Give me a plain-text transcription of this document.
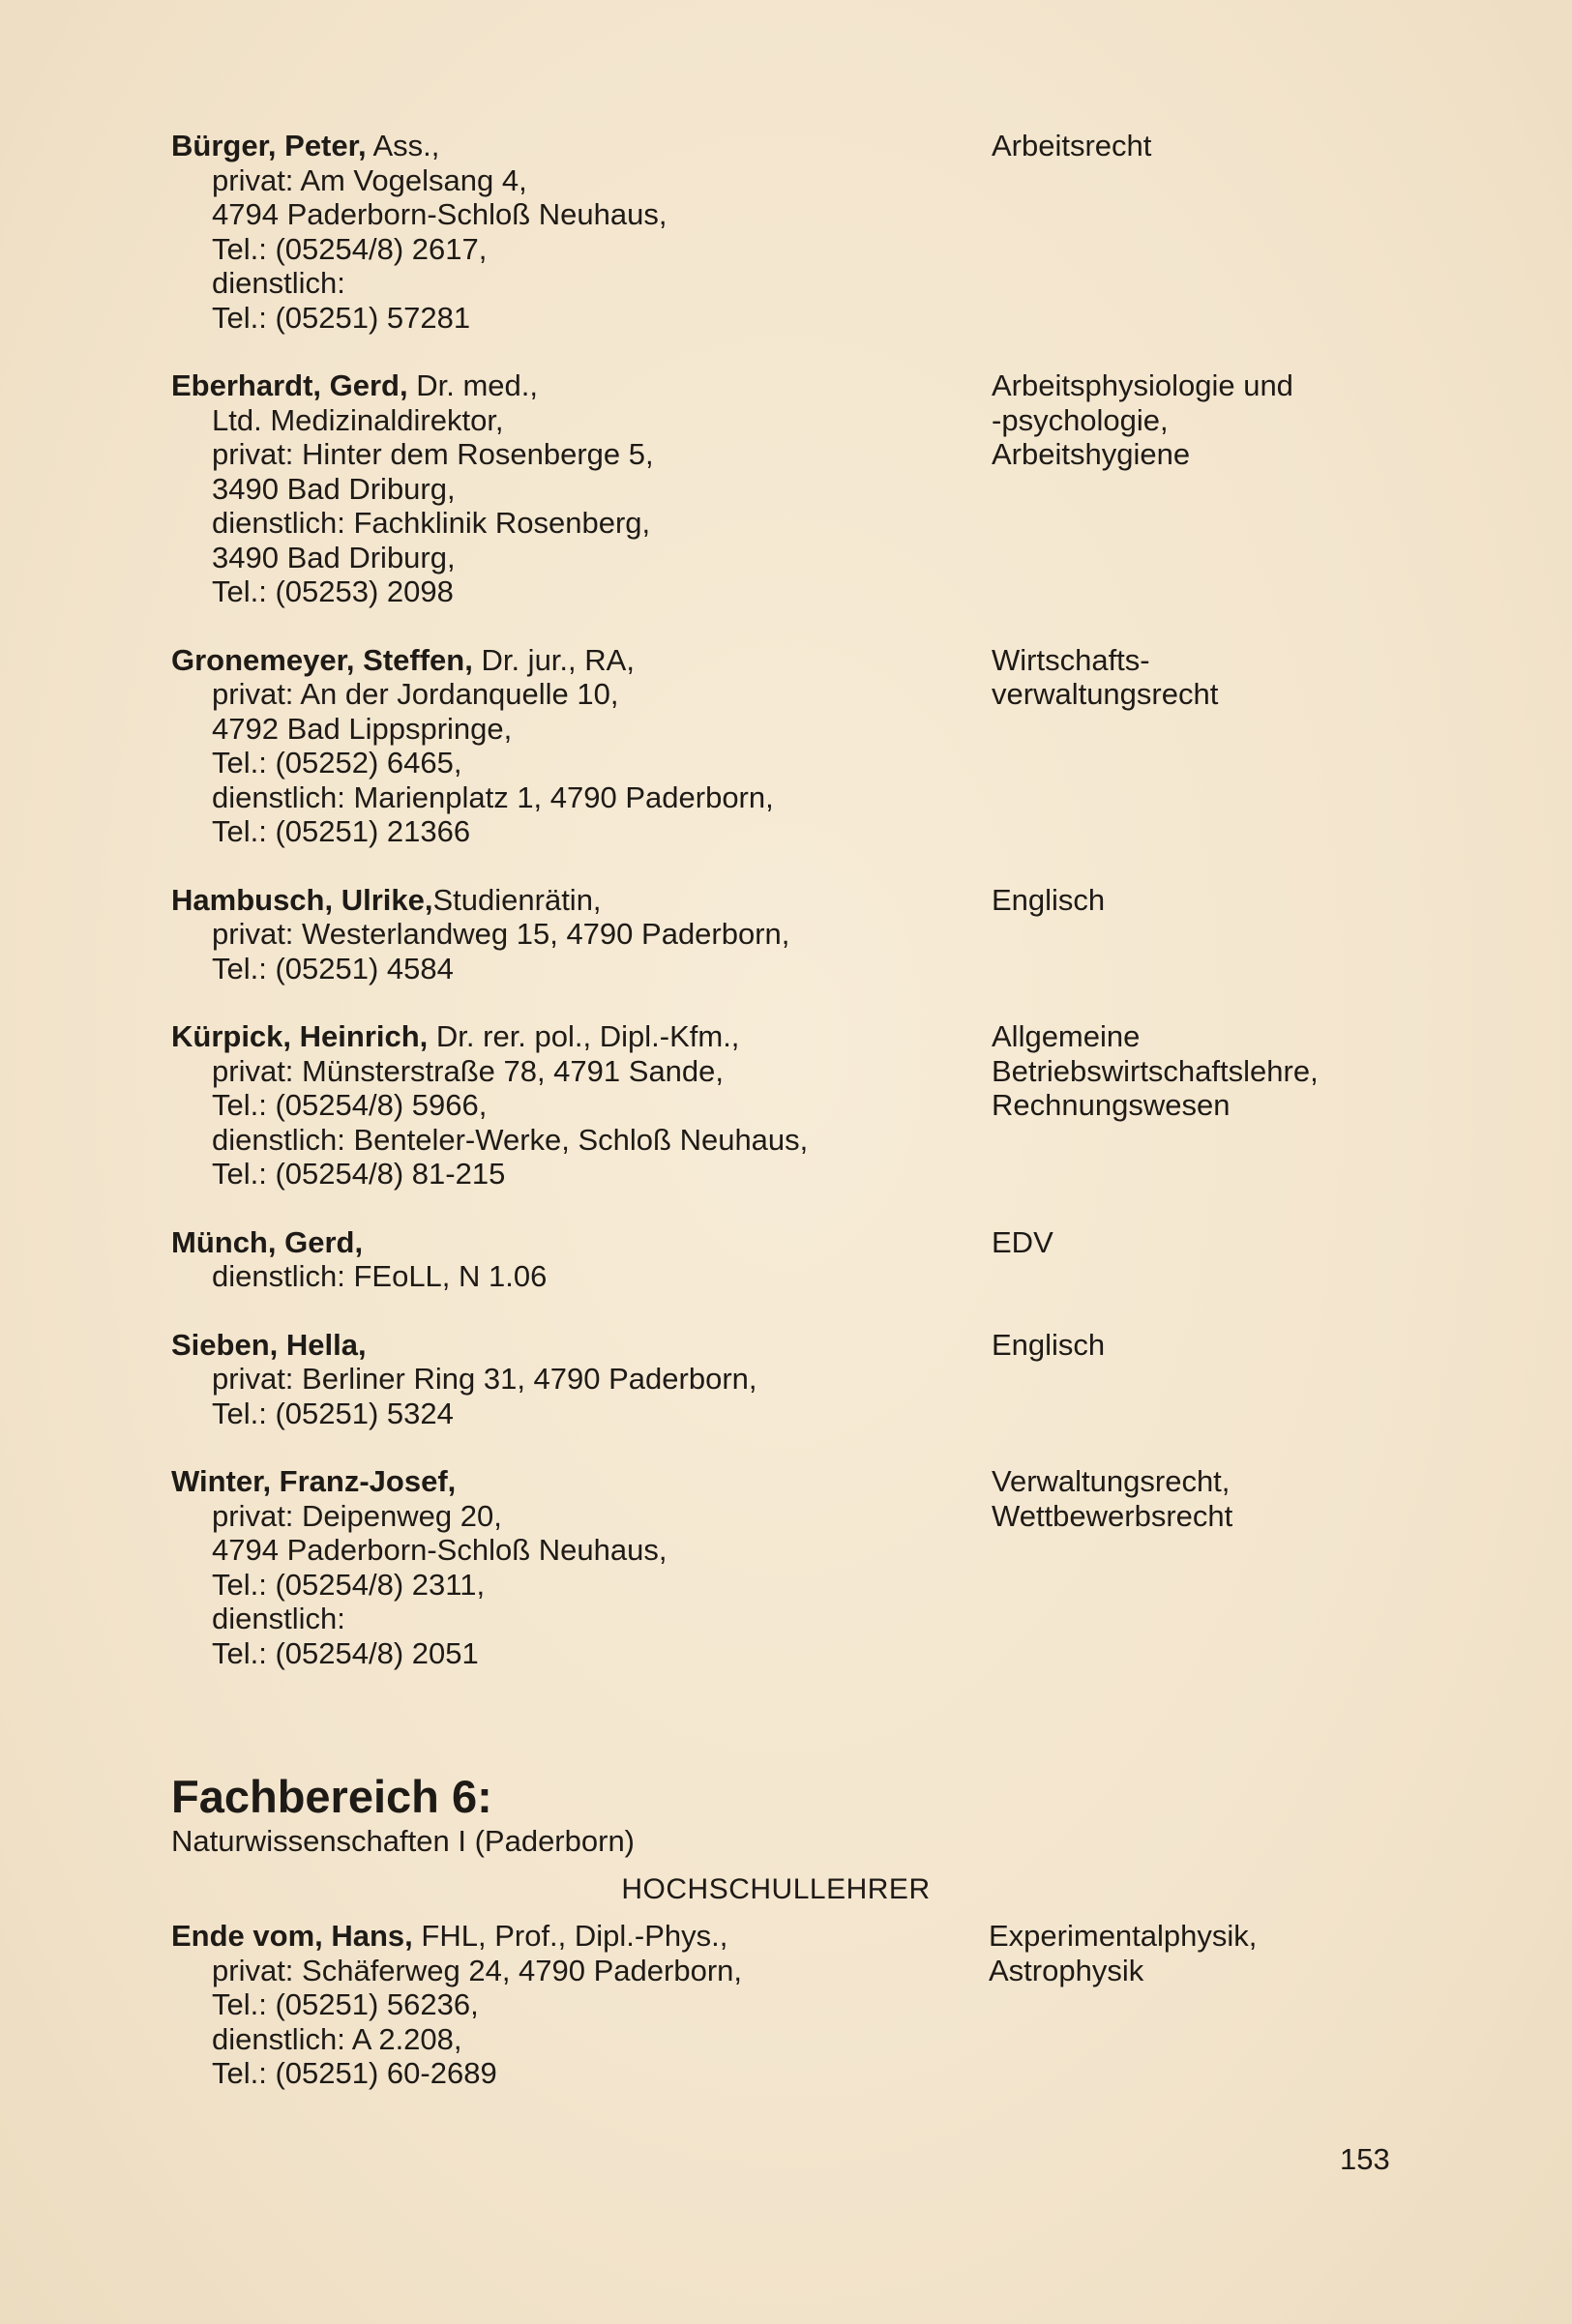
Bürger, Peter, Ass.,
privat: Am Vogelsang 4,
4794 Paderborn-Schloß Neuhaus,
Tel.: (05254/8) 2617,
dienstlich:
Tel.: (05251) 57281
Arbeitsrecht
Eberhardt, Gerd, Dr. med.,
Ltd. Medizinaldirektor,
privat: Hinter dem Rosenberge 5,
3490 Bad Driburg,
dienstlich: Fachklinik Rosenberg,
3490 Bad Driburg,
Tel.: (05253) 2098
Arbeitsphysiologie und
-psychologie,
Arbeitshygiene
Gronemeyer, Steffen, Dr. jur., RA,
privat: An der Jordanquelle 10,
4792 Bad Lippspringe,
Tel.: (05252) 6465,
dienstlich: Marienplatz 1, 4790 Paderborn,
Tel.: (05251) 21366
Wirtschafts-
verwaltungsrecht
Hambusch, Ulrike,Studienrätin,
privat: Westerlandweg 15, 4790 Paderborn,
Tel.: (05251) 4584
Englisch
Kürpick, Heinrich, Dr. rer. pol., Dipl.-Kfm.,
privat: Münsterstraße 78, 4791 Sande,
Tel.: (05254/8) 5966,
dienstlich: Benteler-Werke, Schloß Neuhaus,
Tel.: (05254/8) 81-215
Allgemeine
Betriebswirtschaftslehre,
Rechnungswesen
Münch, Gerd,
dienstlich: FEoLL, N 1.06
EDV
Sieben, Hella,
privat: Berliner Ring 31, 4790 Paderborn,
Tel.: (05251) 5324
Englisch
Winter, Franz-Josef,
privat: Deipenweg 20,
4794 Paderborn-Schloß Neuhaus,
Tel.: (05254/8) 2311,
dienstlich:
Tel.: (05254/8) 2051
Verwaltungsrecht,
Wettbewerbsrecht
Fachbereich 6:
Naturwissenschaften I (Paderborn)
HOCHSCHULLEHRER
Ende vom, Hans, FHL, Prof., Dipl.-Phys.,
privat: Schäferweg 24, 4790 Paderborn,
Tel.: (05251) 56236,
dienstlich: A 2.208,
Tel.: (05251) 60-2689
Experimentalphysik,
Astrophysik
153
